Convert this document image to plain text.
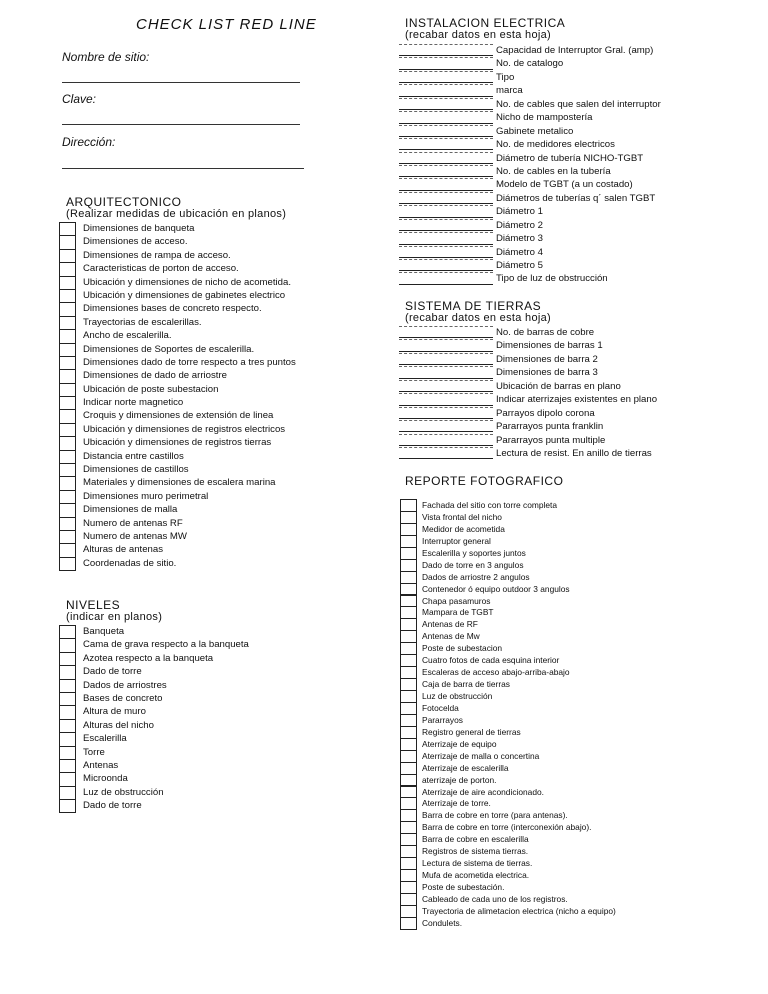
CHECK LIST RED LINE
Nombre de sitio:
Clave:
Dirección:
ARQUITECTONICO
(Realizar medidas de ubicación en planos)
Dimensiones de banqueta
Dimensiones de acceso.
Dimensiones de rampa de acceso.
Caracteristicas de porton de acceso.
Ubicación y dimensiones de nicho de acometida.
Ubicación y dimensiones de gabinetes electrico
Dimensiones bases de concreto respecto.
Trayectorias de escalerillas.
Ancho de escalerilla.
Dimensiones de Soportes de escalerilla.
Dimensiones dado de torre respecto a tres puntos
Dimensiones de dado de arriostre
Ubicación de poste subestacion
Indicar norte magnetico
Croquis y dimensiones de extensión de linea
Ubicación y dimensiones de registros electricos
Ubicación y dimensiones de registros tierras
Distancia entre castillos
Dimensiones de castillos
Materiales y dimensiones de escalera marina
Dimensiones muro perimetral
Dimensiones de malla
Numero de antenas RF
Numero de antenas MW
Alturas de antenas
Coordenadas de sitio.
NIVELES
(indicar en planos)
Banqueta
Cama de grava respecto a la banqueta
Azotea respecto a la banqueta
Dado de torre
Dados de arriostres
Bases de concreto
Altura de muro
Alturas del nicho
Escalerilla
Torre
Antenas
Microonda
Luz de obstrucción
Dado de torre
INSTALACION ELECTRICA
(recabar datos en esta hoja)
Capacidad de Interruptor Gral. (amp)
No. de catalogo
Tipo
marca
No. de cables que salen del interruptor
Nicho de mampostería
Gabinete metalico
No. de medidores electricos
Diámetro de tubería NICHO-TGBT
No. de cables en la tubería
Modelo de TGBT (a un costado)
Diámetros de tuberías q´ salen TGBT
Diámetro 1
Diámetro 2
Diámetro 3
Diámetro 4
Diámetro 5
Tipo de luz de obstrucción
SISTEMA DE TIERRAS
(recabar datos en esta hoja)
No. de barras de cobre
Dimensiones de barras 1
Dimensiones de barra 2
Dimensiones de barra 3
Ubicación de barras en plano
Indicar aterrizajes existentes en plano
Parrayos dipolo corona
Pararrayos punta franklin
Pararrayos punta multiple
Lectura de resist. En anillo de tierras
REPORTE FOTOGRAFICO
Fachada del sitio con torre completa
Vista frontal del nicho
Medidor de acometida
Interruptor general
Escalerilla y soportes juntos
Dado de torre en 3 angulos
Dados de arriostre 2 angulos
Contenedor ó equipo outdoor 3 angulos
Chapa pasamuros
Mampara de TGBT
Antenas de RF
Antenas de Mw
Poste de subestacion
Cuatro fotos de cada esquina interior
Escaleras de acceso abajo-arriba-abajo
Caja de barra de tierras
Luz de obstrucción
Fotocelda
Pararrayos
Registro general de tierras
Aterrizaje de equipo
Aterrizaje de malla o concertina
Aterrizaje de escalerilla
aterrizaje de porton.
Aterrizaje de aire acondicionado.
Aterrizaje de torre.
Barra de cobre en torre (para antenas).
Barra de cobre en torre (interconexión abajo).
Barra de cobre en escalerilla
Registros de sistema tierras.
Lectura de sistema de tierras.
Mufa de acometida electrica.
Poste de subestación.
Cableado de cada uno de los registros.
Trayectoria de alimetacion electrica (nicho a equipo)
Condulets.
